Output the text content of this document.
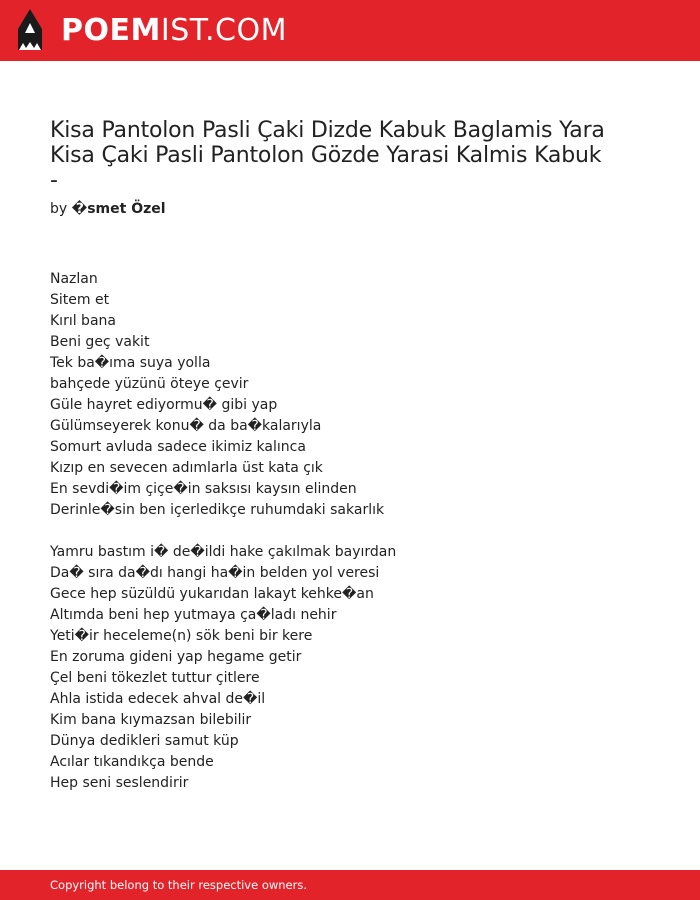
POEMIST.COM
Kisa Pantolon Pasli Çaki Dizde Kabuk Baglamis Yara Kisa Çaki Pasli Pantolon Gözde Yarasi Kalmis Kabuk -
by �smet Özel
Nazlan
Sitem et
Kırıl bana
Beni geç vakit
Tek ba�ıma suya yolla
bahçede yüzünü öteye çevir
Güle hayret ediyormu� gibi yap
Gülümseyerek konu� da ba�kalarıyla
Somurt avluda sadece ikimiz kalınca
Kızıp en sevecen adımlarla üst kata çık
En sevdi�im çiçe�in saksısı kaysın elinden
Derinle�sin ben içerledikçe ruhumdaki sakarlık
Yamru bastım i� de�ildi hake çakılmak bayırdan
Da� sıra da�dı hangi ha�in belden yol veresi
Gece hep süzüldü yukarıdan lakayt kehke�an
Altımda beni hep yutmaya ça�ladı nehir
Yeti�ir heceleme(n) sök beni bir kere
En zoruma gideni yap hegame getir
Çel beni tökezlet tuttur çitlere
Ahla istida edecek ahval de�il
Kim bana kıymazsan bilebilir
Dünya dedikleri samut küp
Acılar tıkandıkça bende
Hep seni seslendirir
Copyright belong to their respective owners.
